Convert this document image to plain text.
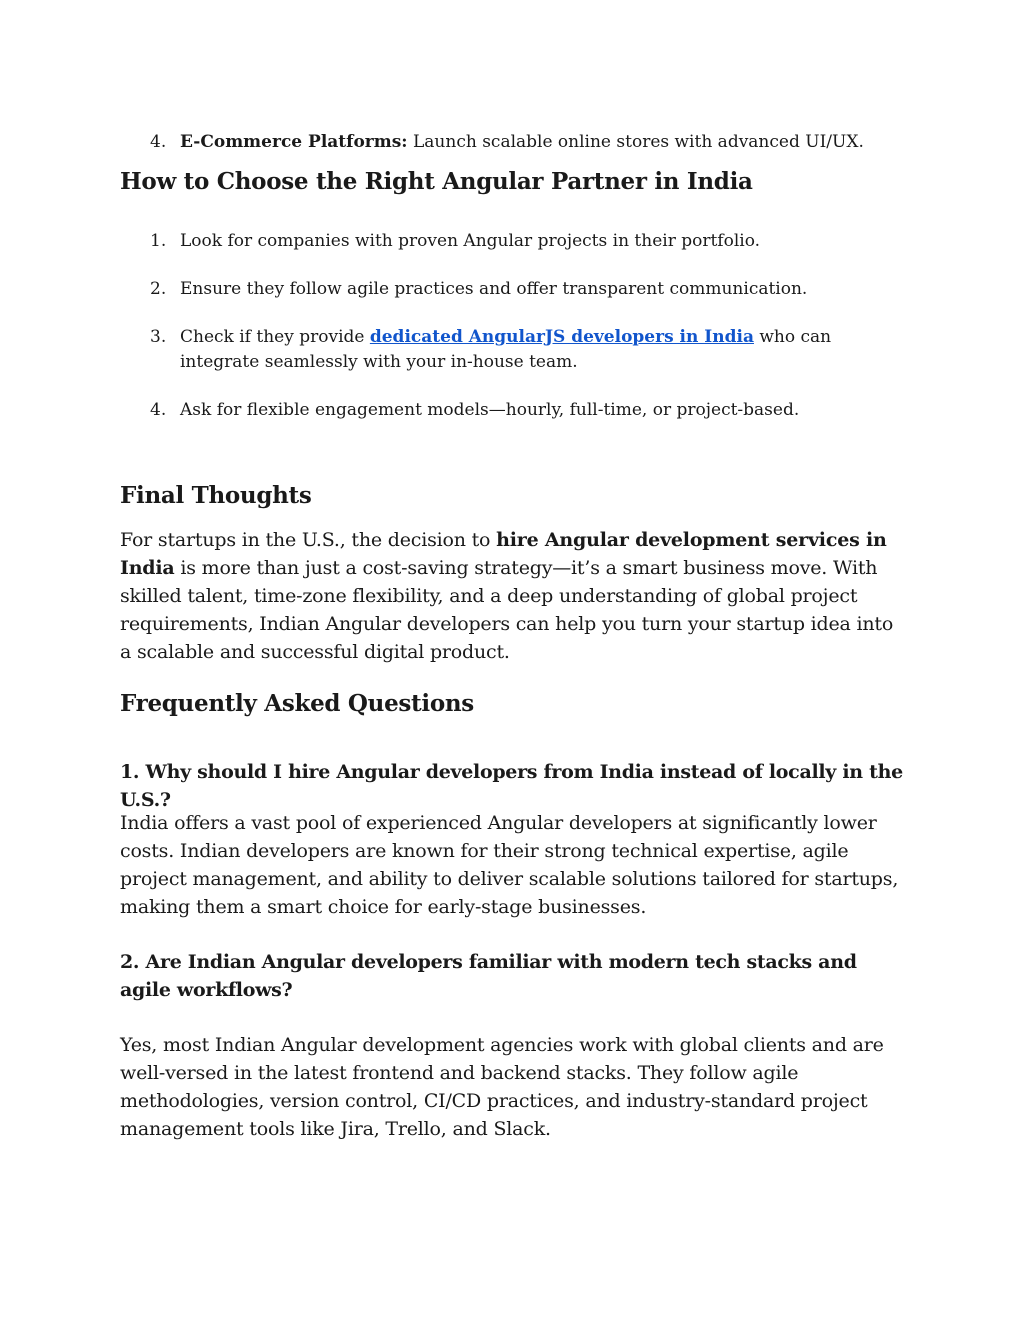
4. E-Commerce Platforms: Launch scalable online stores with advanced UI/UX.
How to Choose the Right Angular Partner in India
1. Look for companies with proven Angular projects in their portfolio.
2. Ensure they follow agile practices and offer transparent communication.
3. Check if they provide dedicated AngularJS developers in India who can integrate seamlessly with your in-house team.
4. Ask for flexible engagement models—hourly, full-time, or project-based.
Final Thoughts

For startups in the U.S., the decision to hire Angular development services in India is more than just a cost-saving strategy—it’s a smart business move. With skilled talent, time-zone flexibility, and a deep understanding of global project requirements, Indian Angular developers can help you turn your startup idea into a scalable and successful digital product.

Frequently Asked Questions

1. Why should I hire Angular developers from India instead of locally in the U.S.?

India offers a vast pool of experienced Angular developers at significantly lower costs. Indian developers are known for their strong technical expertise, agile project management, and ability to deliver scalable solutions tailored for startups, making them a smart choice for early-stage businesses.

2. Are Indian Angular developers familiar with modern tech stacks and agile workflows?

Yes, most Indian Angular development agencies work with global clients and are well-versed in the latest frontend and backend stacks. They follow agile methodologies, version control, CI/CD practices, and industry-standard project management tools like Jira, Trello, and Slack.
